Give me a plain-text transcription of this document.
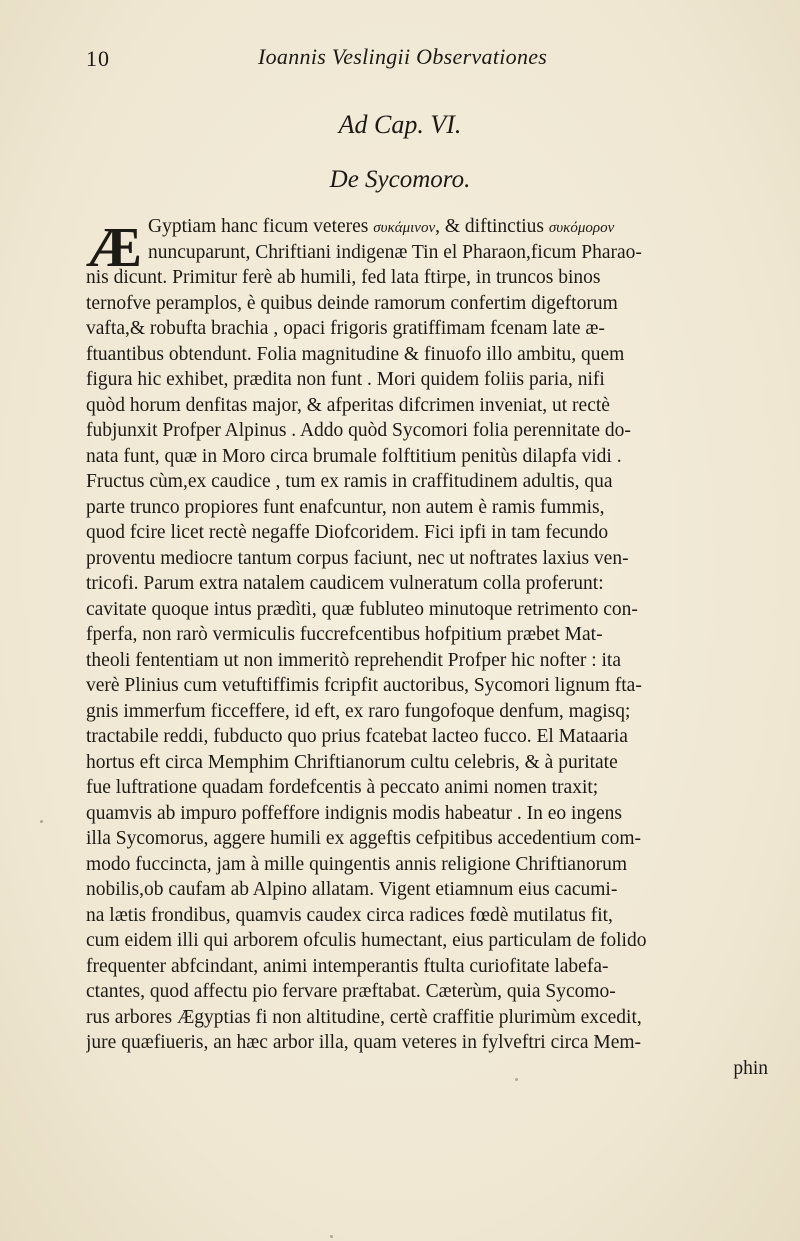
10	Ioannis Veslingii Observationes
Ad Cap. VI.
De Sycomoro.
Æ Gyptiam hanc ficum veteres συκάμινον, & diftinctius συκόμορον
nuncuparunt, Chriftiani indigenæ Tin el Pharaon,ficum Pharao-
nis dicunt. Primitur ferè ab humili, fed lata ftirpe, in truncos binos
ternofve peramplos, è quibus deinde ramorum confertim digeftorum
vafta,& robufta brachia , opaci frigoris gratiffimam fcenam late æ-
ftuantibus obtendunt. Folia magnitudine & finuofo illo ambitu, quem
figura hic exhibet, prædita non funt . Mori quidem foliis paria, nifi
quòd horum denfitas major, & afperitas difcrimen inveniat, ut rectè
fubjunxit Profper Alpinus . Addo quòd Sycomori folia perennitate do-
nata funt, quæ in Moro circa brumale folftitium penitùs dilapfa vidi .
Fructus cùm,ex caudice , tum ex ramis in craffitudinem adultis, qua
parte trunco propiores funt enafcuntur, non autem è ramis fummis,
quod fcire licet rectè negaffe Diofcoridem. Fici ipfi in tam fecundo
proventu mediocre tantum corpus faciunt, nec ut noftrates laxius ven-
tricofi. Parum extra natalem caudicem vulneratum colla proferunt:
cavitate quoque intus prædìti, quæ fubluteo minutoque retrimento con-
fperfa, non rarò vermiculis fuccrefcentibus hofpitium præbet Mat-
theoli fententiam ut non immeritò reprehendit Profper hic nofter : ita
verè Plinius cum vetuftiffimis fcripfit auctoribus, Sycomori lignum fta-
gnis immerfum ficceffere, id eft, ex raro fungofoque denfum, magisq;
tractabile reddi, fubducto quo prius fcatebat lacteo fucco. El Mataaria
hortus eft circa Memphim Chriftianorum cultu celebris, & à puritate
fue luftratione quadam fordefcentis à peccato animi nomen traxit;
quamvis ab impuro poffeffore indignis modis habeatur . In eo ingens
illa Sycomorus, aggere humili ex aggeftis cefpitibus accedentium com-
modo fuccincta, jam à mille quingentis annis religione Chriftianorum
nobilis,ob caufam ab Alpino allatam. Vigent etiamnum eius cacumi-
na lætis frondibus, quamvis caudex circa radices fœdè mutilatus fit,
cum eidem illi qui arborem ofculis humectant, eius particulam de folido
frequenter abfcindant, animi intemperantis ftulta curiofitate labefa-
ctantes, quod affectu pio fervare præftabat. Cæterùm, quia Sycomo-
rus arbores Ægyptias fi non altitudine, certè craffitie plurimùm excedit,
jure quæfiueris, an hæc arbor illa, quam veteres in fylveftri circa Mem-
phin
